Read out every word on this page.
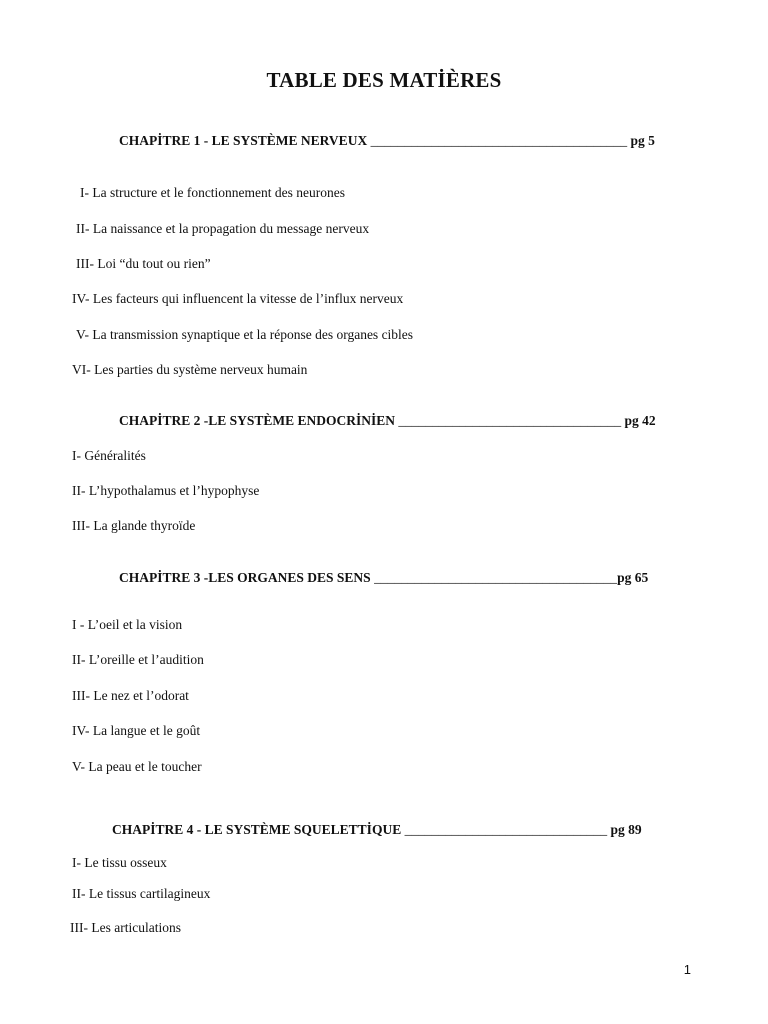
TABLE DES MATİÈRES
CHAPİTRE 1 - LE SYSTÈME NERVEUX ______________________________________ pg 5
I- La structure et le fonctionnement des neurones
II- La naissance et la propagation du message nerveux
III- Loi “du tout ou rien”
IV- Les facteurs qui influencent la vitesse de l’influx nerveux
V- La transmission synaptique et la réponse des organes cibles
VI- Les parties du système nerveux humain
CHAPİTRE 2 -LE SYSTÈME ENDOCRİNİEN _________________________________ pg 42
I- Généralités
II- L’hypothalamus et l’hypophyse
III- La glande thyroïde
CHAPİTRE 3 -LES ORGANES DES SENS ____________________________________pg 65
I - L’oeil et la vision
II- L’oreille et l’audition
III- Le nez et l’odorat
IV- La langue et le goût
V- La peau et le toucher
CHAPİTRE 4 - LE SYSTÈME SQUELETTİQUE ______________________________ pg 89
I- Le tissu osseux
II- Le tissus cartilagineux
III- Les articulations
1
